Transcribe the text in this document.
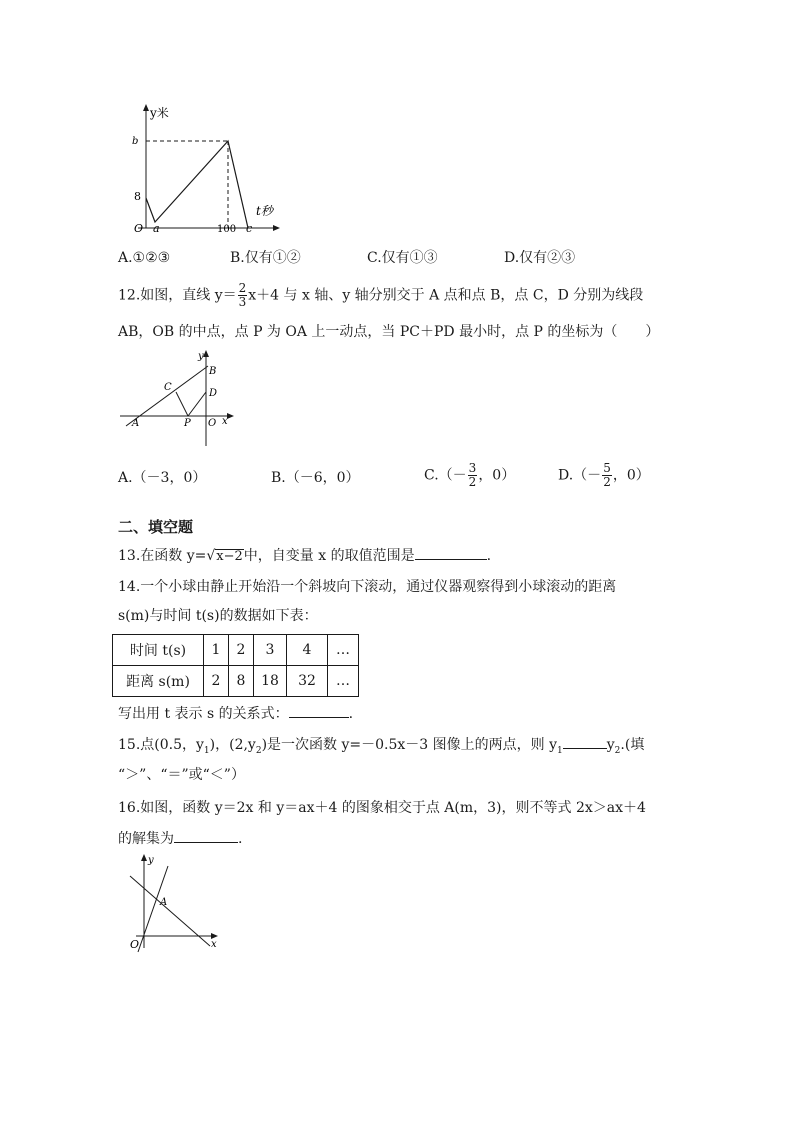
y米
t秒
b
8
O a	100 c
A.①②③	B.仅有①②	C.仅有①③	D.仅有②③
12.如图，直线 $y= \frac{2}{3} x+4$ 与 x 轴、y 轴分别交于 A 点和点 B，点 C，D 分别为线段
AB，OB 的中点，点 P 为 OA 上一动点，当 PC＋PD 最小时，点 P 的坐标为（　　）
y
x
B
C
D
A	P O
A.（－3，0）	B.（－6，0）	$C.(- \frac{3}{2}$ ，0）	$D.(- \frac{5}{2}$ ，0）
二、填空题
13.在函数 y=√x−2中，自变量 x 的取值范围是	.
14.一个小球由静止开始沿一个斜坡向下滚动，通过仪器观察得到小球滚动的距离
s(m)与时间 t(s)的数据如下表：
时间 t(s)	1	2	3	4	…
距离 s(m)	2	8	18	32	…
写出用 t 表示 s 的关系式：	.
15.点(0.5，$y_1$)，$(2,y_2)$是一次函数 y=－0.5x－3 图像上的两点，则 $y_1$	$y_2$.(填
“＞”、“＝”或“＜”）
16.如图，函数 y＝2x 和 y＝ax＋4 的图象相交于点 A(m，3)，则不等式 2x＞ax＋4
的解集为	.
y
x
A
O
